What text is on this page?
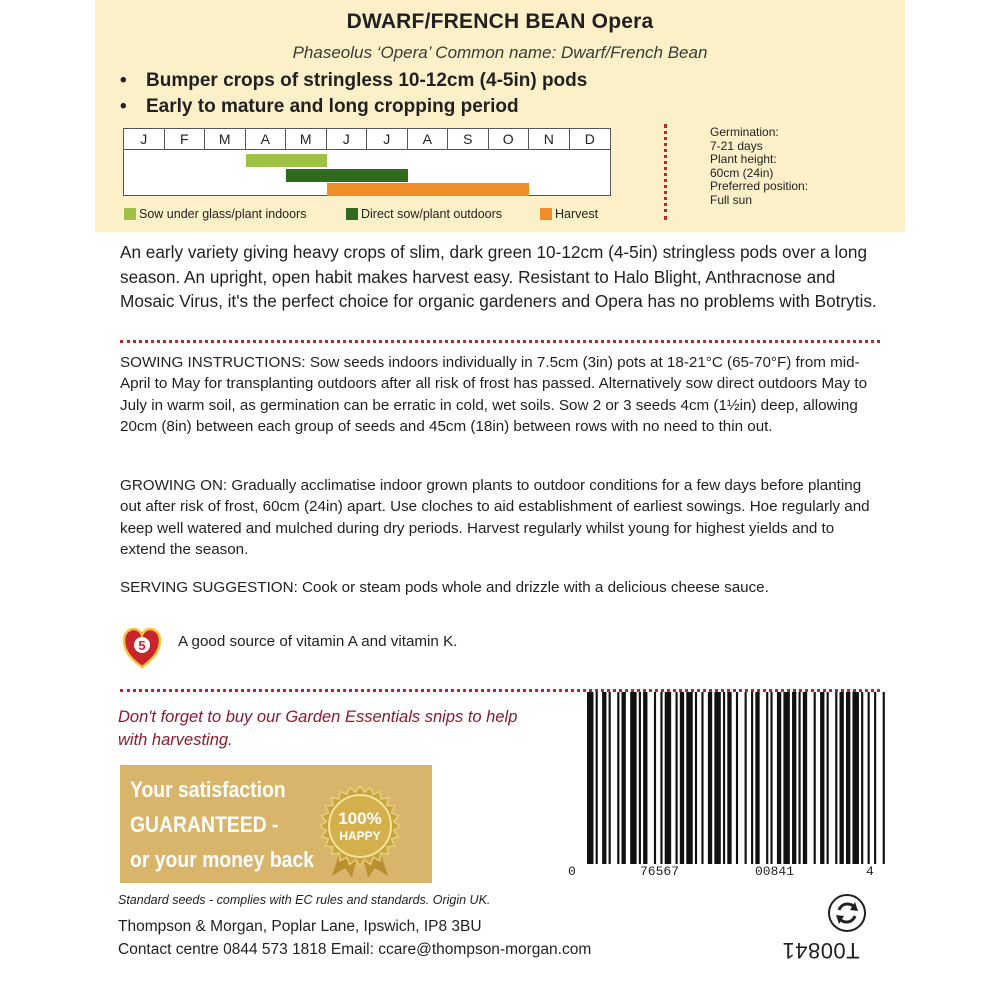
DWARF/FRENCH BEAN Opera
Phaseolus ‘Opera’ Common name: Dwarf/French Bean
• Bumper crops of stringless 10-12cm (4-5in) pods
• Early to mature and long cropping period
J	F	M	A	M	J	J	A	S	O	N	D	Germination:
7-21 days
Plant height:
60cm (24in)
Preferred position:
Full sun
Sow under glass/plant indoors	Direct sow/plant outdoors	Harvest
An early variety giving heavy crops of slim, dark green 10-12cm (4-5in) stringless pods over a long season. An upright, open habit makes harvest easy. Resistant to Halo Blight, Anthracnose and Mosaic Virus, it's the perfect choice for organic gardeners and Opera has no problems with Botrytis.
SOWING INSTRUCTIONS: Sow seeds indoors individually in 7.5cm (3in) pots at 18-21°C (65-70°F) from mid-April to May for transplanting outdoors after all risk of frost has passed. Alternatively sow direct outdoors May to July in warm soil, as germination can be erratic in cold, wet soils. Sow 2 or 3 seeds 4cm (1½in) deep, allowing 20cm (8in) between each group of seeds and 45cm (18in) between rows with no need to thin out.
GROWING ON: Gradually acclimatise indoor grown plants to outdoor conditions for a few days before planting out after risk of frost, 60cm (24in) apart. Use cloches to aid establishment of earliest sowings. Hoe regularly and keep well watered and mulched during dry periods. Harvest regularly whilst young for highest yields and to extend the season.
SERVING SUGGESTION: Cook or steam pods whole and drizzle with a delicious cheese sauce.
5 A good source of vitamin A and vitamin K.
Don't forget to buy our Garden Essentials snips to help with harvesting.
Your satisfaction
GUARANTEED -
or your money back
100%
HAPPY
0	76567	00841	4
Standard seeds - complies with EC rules and standards. Origin UK.
Thompson & Morgan, Poplar Lane, Ipswich, IP8 3BU
Contact centre 0844 573 1818 Email: ccare@thompson-morgan.com	T00841
